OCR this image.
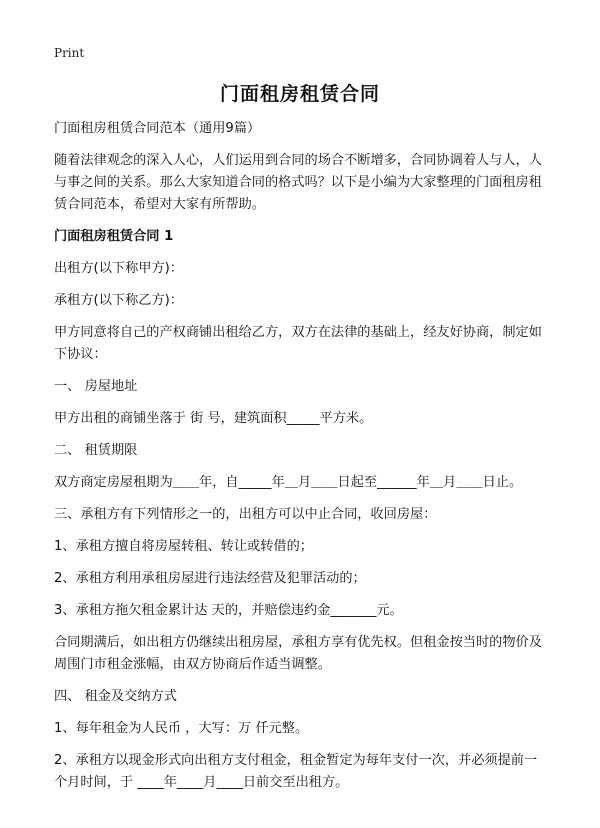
Print
门面租房租赁合同

门面租房租赁合同范本（通用9篇）

随着法律观念的深入人心，人们运用到合同的场合不断增多，合同协调着人与人，人与事之间的关系。那么大家知道合同的格式吗？以下是小编为大家整理的门面租房租赁合同范本，希望对大家有所帮助。

门面租房租赁合同 1

出租方(以下称甲方)：

承租方(以下称乙方)：

甲方同意将自己的产权商铺出租给乙方，双方在法律的基础上，经友好协商，制定如下协议：

一、 房屋地址

甲方出租的商铺坐落于 街 号，建筑面积_____平方米。

二、 租赁期限

双方商定房屋租期为＿＿年，自_____年＿月＿＿日起至______年＿月＿＿日止。

三、承租方有下列情形之一的，出租方可以中止合同，收回房屋：

1、承租方擅自将房屋转租、转让或转借的；

2、承租方利用承租房屋进行违法经营及犯罪活动的；

3、承租方拖欠租金累计达 天的，并赔偿违约金_______元。

合同期满后，如出租方仍继续出租房屋，承租方享有优先权。但租金按当时的物价及周围门市租金涨幅，由双方协商后作适当调整。

四、 租金及交纳方式

1、每年租金为人民币 ，大写：万 仟元整。

2、承租方以现金形式向出租方支付租金，租金暂定为每年支付一次，并必须提前一个月时间，于 ____年____月____日前交至出租方。
